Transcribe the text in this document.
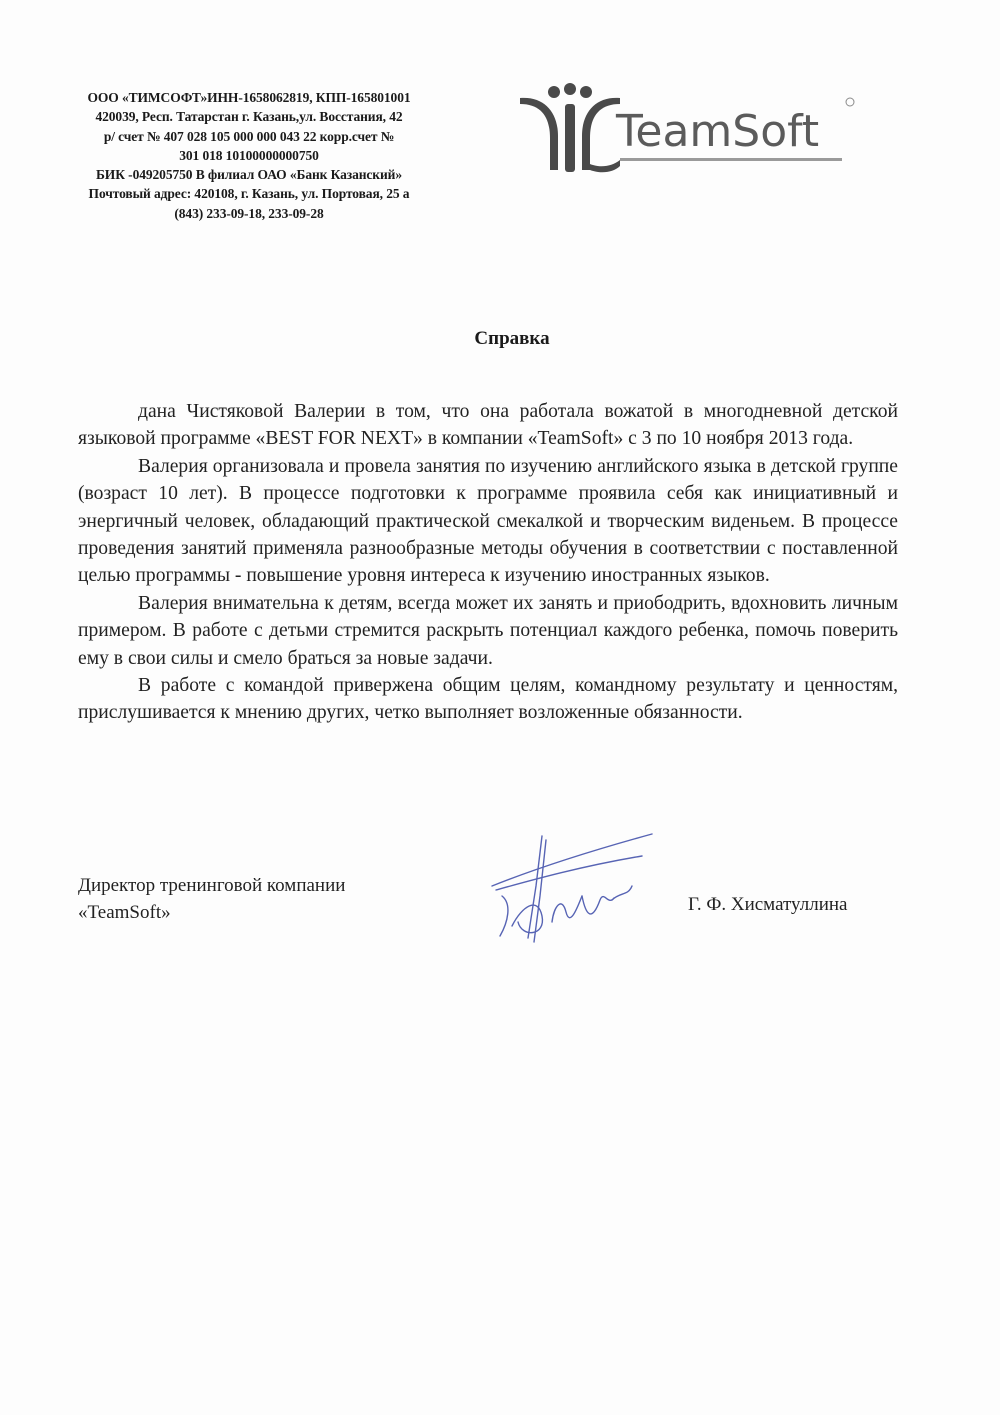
ООО «ТИМСОФТ»ИНН-1658062819, КПП-165801001
420039, Респ. Татарстан г. Казань,ул. Восстания, 42
р/ счет № 407 028 105 000 000 043 22 корр.счет №
301 018 10100000000750
БИК -049205750 В филиал ОАО «Банк Казанский»
Почтовый адрес: 420108, г. Казань, ул. Портовая, 25 а
(843) 233-09-18, 233-09-28
TeamSoft
Справка

дана Чистяковой Валерии в том, что она работала вожатой в многодневной детской языковой программе «BEST FOR NEXT» в компании «TeamSoft» с 3 по 10 ноября 2013 года.

Валерия организовала и провела занятия по изучению английского языка в детской группе (возраст 10 лет). В процессе подготовки к программе проявила себя как инициативный и энергичный человек, обладающий практической смекалкой и творческим виденьем. В процессе проведения занятий применяла разнообразные методы обучения в соответствии с поставленной целью программы - повышение уровня интереса к изучению иностранных языков.

Валерия внимательна к детям, всегда может их занять и приободрить, вдохновить личным примером. В работе с детьми стремится раскрыть потенциал каждого ребенка, помочь поверить ему в свои силы и смело браться за новые задачи.

В работе с командой привержена общим целям, командному результату и ценностям, прислушивается к мнению других, четко выполняет возложенные обязанности.

Директор тренинговой компании
«TeamSoft»	Г. Ф. Хисматуллина
